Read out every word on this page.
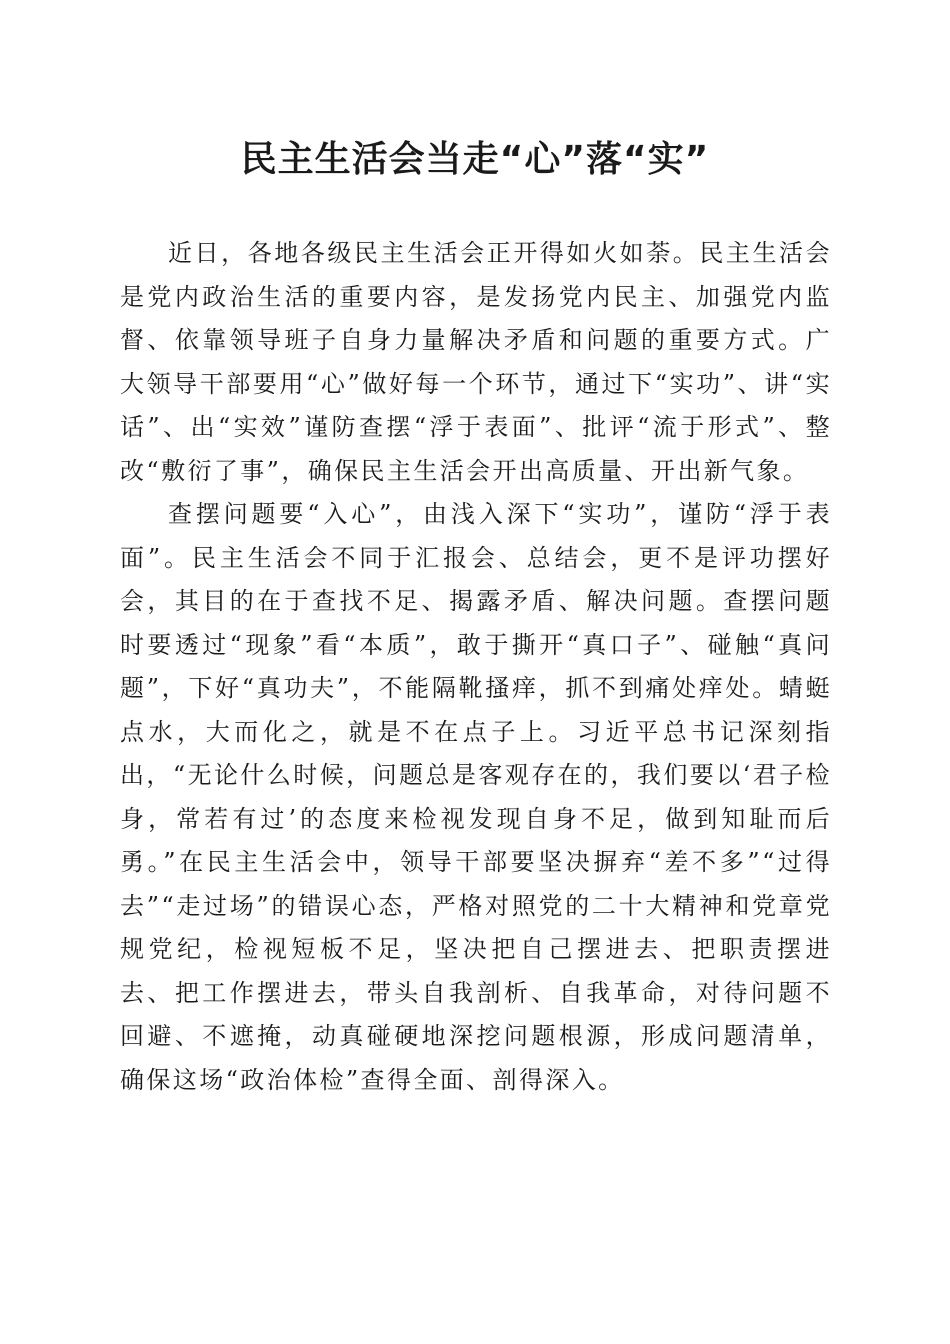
民主生活会当走“心”落“实”

近日，各地各级民主生活会正开得如火如荼。民主生活会是党内政治生活的重要内容，是发扬党内民主、加强党内监督、依靠领导班子自身力量解决矛盾和问题的重要方式。广大领导干部要用“心”做好每一个环节，通过下“实功”、讲“实话”、出“实效”谨防查摆“浮于表面”、批评“流于形式”、整改“敷衍了事”，确保民主生活会开出高质量、开出新气象。

查摆问题要“入心”，由浅入深下“实功”，谨防“浮于表面”。民主生活会不同于汇报会、总结会，更不是评功摆好会，其目的在于查找不足、揭露矛盾、解决问题。查摆问题时要透过“现象”看“本质”，敢于撕开“真口子”、碰触“真问题”，下好“真功夫”，不能隔靴搔痒，抓不到痛处痒处。蜻蜓点水，大而化之，就是不在点子上。习近平总书记深刻指出，“无论什么时候，问题总是客观存在的，我们要以‘君子检身，常若有过’的态度来检视发现自身不足，做到知耻而后勇。”在民主生活会中，领导干部要坚决摒弃“差不多”“过得去”“走过场”的错误心态，严格对照党的二十大精神和党章党规党纪，检视短板不足，坚决把自己摆进去、把职责摆进去、把工作摆进去，带头自我剖析、自我革命，对待问题不回避、不遮掩，动真碰硬地深挖问题根源，形成问题清单，确保这场“政治体检”查得全面、剖得深入。
